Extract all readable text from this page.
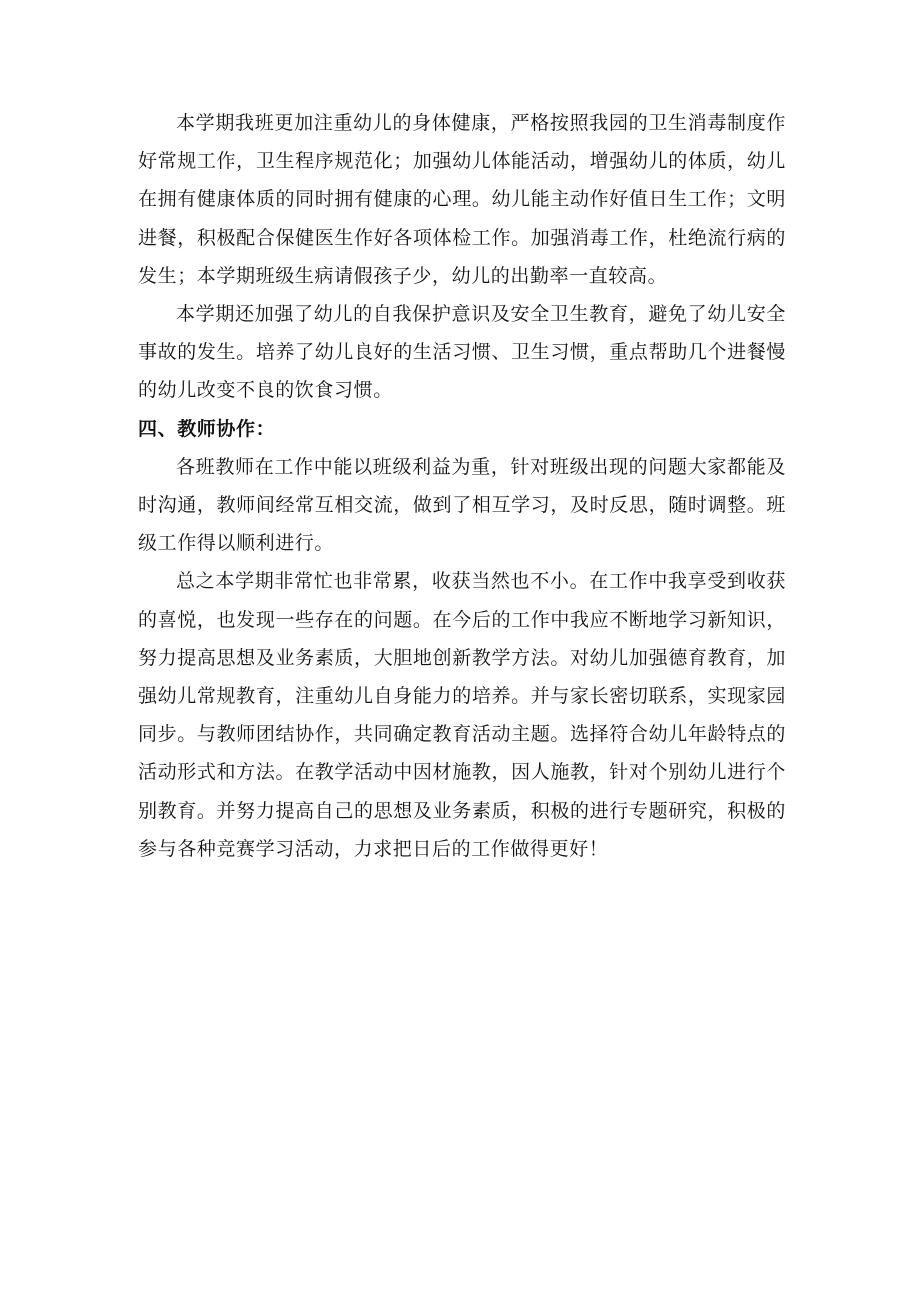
本学期我班更加注重幼儿的身体健康，严格按照我园的卫生消毒制度作好常规工作，卫生程序规范化；加强幼儿体能活动，增强幼儿的体质，幼儿在拥有健康体质的同时拥有健康的心理。幼儿能主动作好值日生工作；文明进餐，积极配合保健医生作好各项体检工作。加强消毒工作，杜绝流行病的发生；本学期班级生病请假孩子少，幼儿的出勤率一直较高。

本学期还加强了幼儿的自我保护意识及安全卫生教育，避免了幼儿安全事故的发生。培养了幼儿良好的生活习惯、卫生习惯，重点帮助几个进餐慢的幼儿改变不良的饮食习惯。

四、教师协作：

各班教师在工作中能以班级利益为重，针对班级出现的问题大家都能及时沟通，教师间经常互相交流，做到了相互学习，及时反思，随时调整。班级工作得以顺利进行。

总之本学期非常忙也非常累，收获当然也不小。在工作中我享受到收获的喜悦，也发现一些存在的问题。在今后的工作中我应不断地学习新知识，努力提高思想及业务素质，大胆地创新教学方法。对幼儿加强德育教育，加强幼儿常规教育，注重幼儿自身能力的培养。并与家长密切联系，实现家园同步。与教师团结协作，共同确定教育活动主题。选择符合幼儿年龄特点的活动形式和方法。在教学活动中因材施教，因人施教，针对个别幼儿进行个别教育。并努力提高自己的思想及业务素质，积极的进行专题研究，积极的参与各种竞赛学习活动，力求把日后的工作做得更好！
